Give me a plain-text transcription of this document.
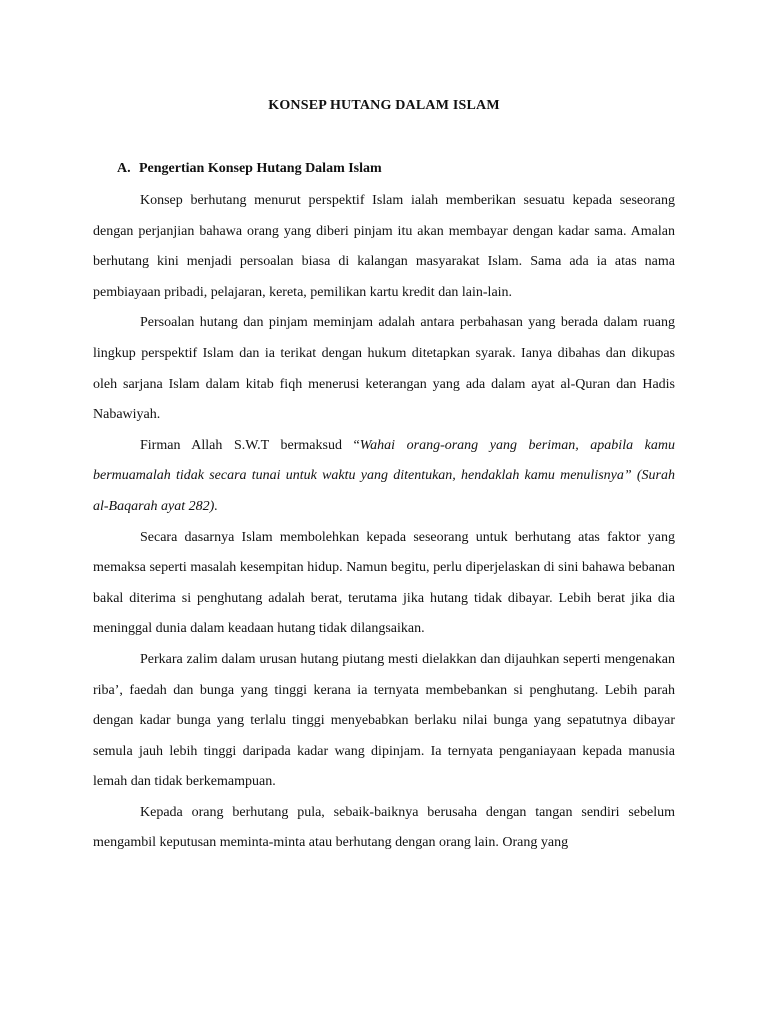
KONSEP HUTANG DALAM ISLAM
A. Pengertian Konsep Hutang Dalam Islam

Konsep berhutang menurut perspektif Islam ialah memberikan sesuatu kepada seseorang dengan perjanjian bahawa orang yang diberi pinjam itu akan membayar dengan kadar sama. Amalan berhutang kini menjadi persoalan biasa di kalangan masyarakat Islam. Sama ada ia atas nama pembiayaan pribadi, pelajaran, kereta, pemilikan kartu kredit dan lain-lain.

Persoalan hutang dan pinjam meminjam adalah antara perbahasan yang berada dalam ruang lingkup perspektif Islam dan ia terikat dengan hukum ditetapkan syarak. Ianya dibahas dan dikupas oleh sarjana Islam dalam kitab fiqh menerusi keterangan yang ada dalam ayat al-Quran dan Hadis Nabawiyah.

Firman Allah S.W.T bermaksud “Wahai orang-orang yang beriman, apabila kamu bermuamalah tidak secara tunai untuk waktu yang ditentukan, hendaklah kamu menulisnya” (Surah al-Baqarah ayat 282).

Secara dasarnya Islam membolehkan kepada seseorang untuk berhutang atas faktor yang memaksa seperti masalah kesempitan hidup. Namun begitu, perlu diperjelaskan di sini bahawa bebanan bakal diterima si penghutang adalah berat, terutama jika hutang tidak dibayar. Lebih berat jika dia meninggal dunia dalam keadaan hutang tidak dilangsaikan.

Perkara zalim dalam urusan hutang piutang mesti dielakkan dan dijauhkan seperti mengenakan riba’, faedah dan bunga yang tinggi kerana ia ternyata membebankan si penghutang. Lebih parah dengan kadar bunga yang terlalu tinggi menyebabkan berlaku nilai bunga yang sepatutnya dibayar semula jauh lebih tinggi daripada kadar wang dipinjam. Ia ternyata penganiayaan kepada manusia lemah dan tidak berkemampuan.

Kepada orang berhutang pula, sebaik-baiknya berusaha dengan tangan sendiri sebelum mengambil keputusan meminta-minta atau berhutang dengan orang lain. Orang yang
